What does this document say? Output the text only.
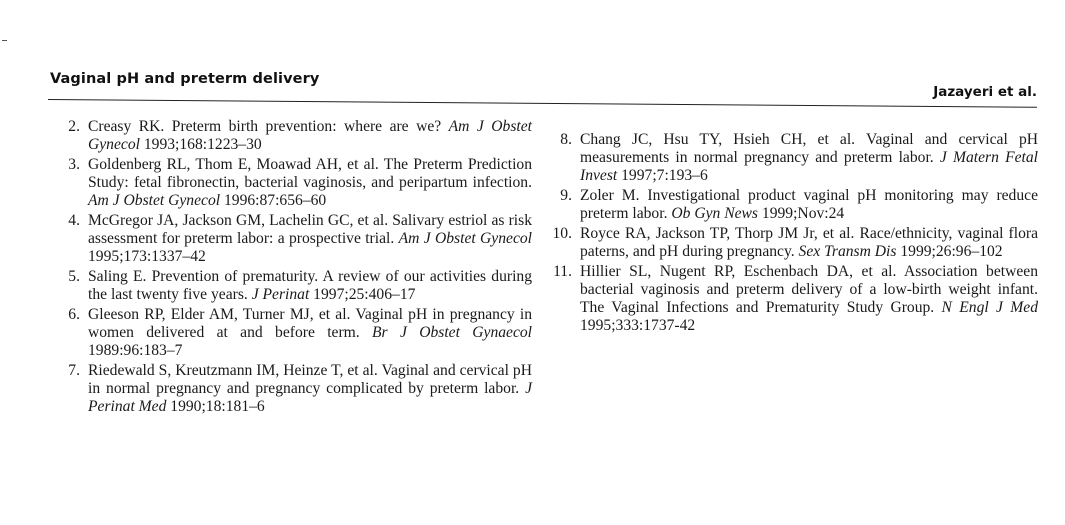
Vaginal pH and preterm delivery
Jazayeri et al.
2. Creasy RK. Preterm birth prevention: where are we? Am J Obstet Gynecol 1993;168:1223–30
3. Goldenberg RL, Thom E, Moawad AH, et al. The Preterm Prediction Study: fetal fibronectin, bacterial vaginosis, and peripartum infection. Am J Obstet Gynecol 1996:87:656–60
4. McGregor JA, Jackson GM, Lachelin GC, et al. Salivary estriol as risk assessment for preterm labor: a prospective trial. Am J Obstet Gynecol 1995;173:1337–42
5. Saling E. Prevention of prematurity. A review of our activities during the last twenty five years. J Perinat 1997;25:406–17
6. Gleeson RP, Elder AM, Turner MJ, et al. Vaginal pH in pregnancy in women delivered at and before term. Br J Obstet Gynaecol 1989:96:183–7
7. Riedewald S, Kreutzmann IM, Heinze T, et al. Vaginal and cervical pH in normal pregnancy and pregnancy complicated by preterm labor. J Perinat Med 1990;18:181–6
8. Chang JC, Hsu TY, Hsieh CH, et al. Vaginal and cervical pH measurements in normal pregnancy and preterm labor. J Matern Fetal Invest 1997;7:193–6
9. Zoler M. Investigational product vaginal pH monitoring may reduce preterm labor. Ob Gyn News 1999;Nov:24
10. Royce RA, Jackson TP, Thorp JM Jr, et al. Race/ethnicity, vaginal flora paterns, and pH during pregnancy. Sex Transm Dis 1999;26:96–102
11. Hillier SL, Nugent RP, Eschenbach DA, et al. Association between bacterial vaginosis and preterm delivery of a low-birth weight infant. The Vaginal Infections and Prematurity Study Group. N Engl J Med 1995;333:1737-42
